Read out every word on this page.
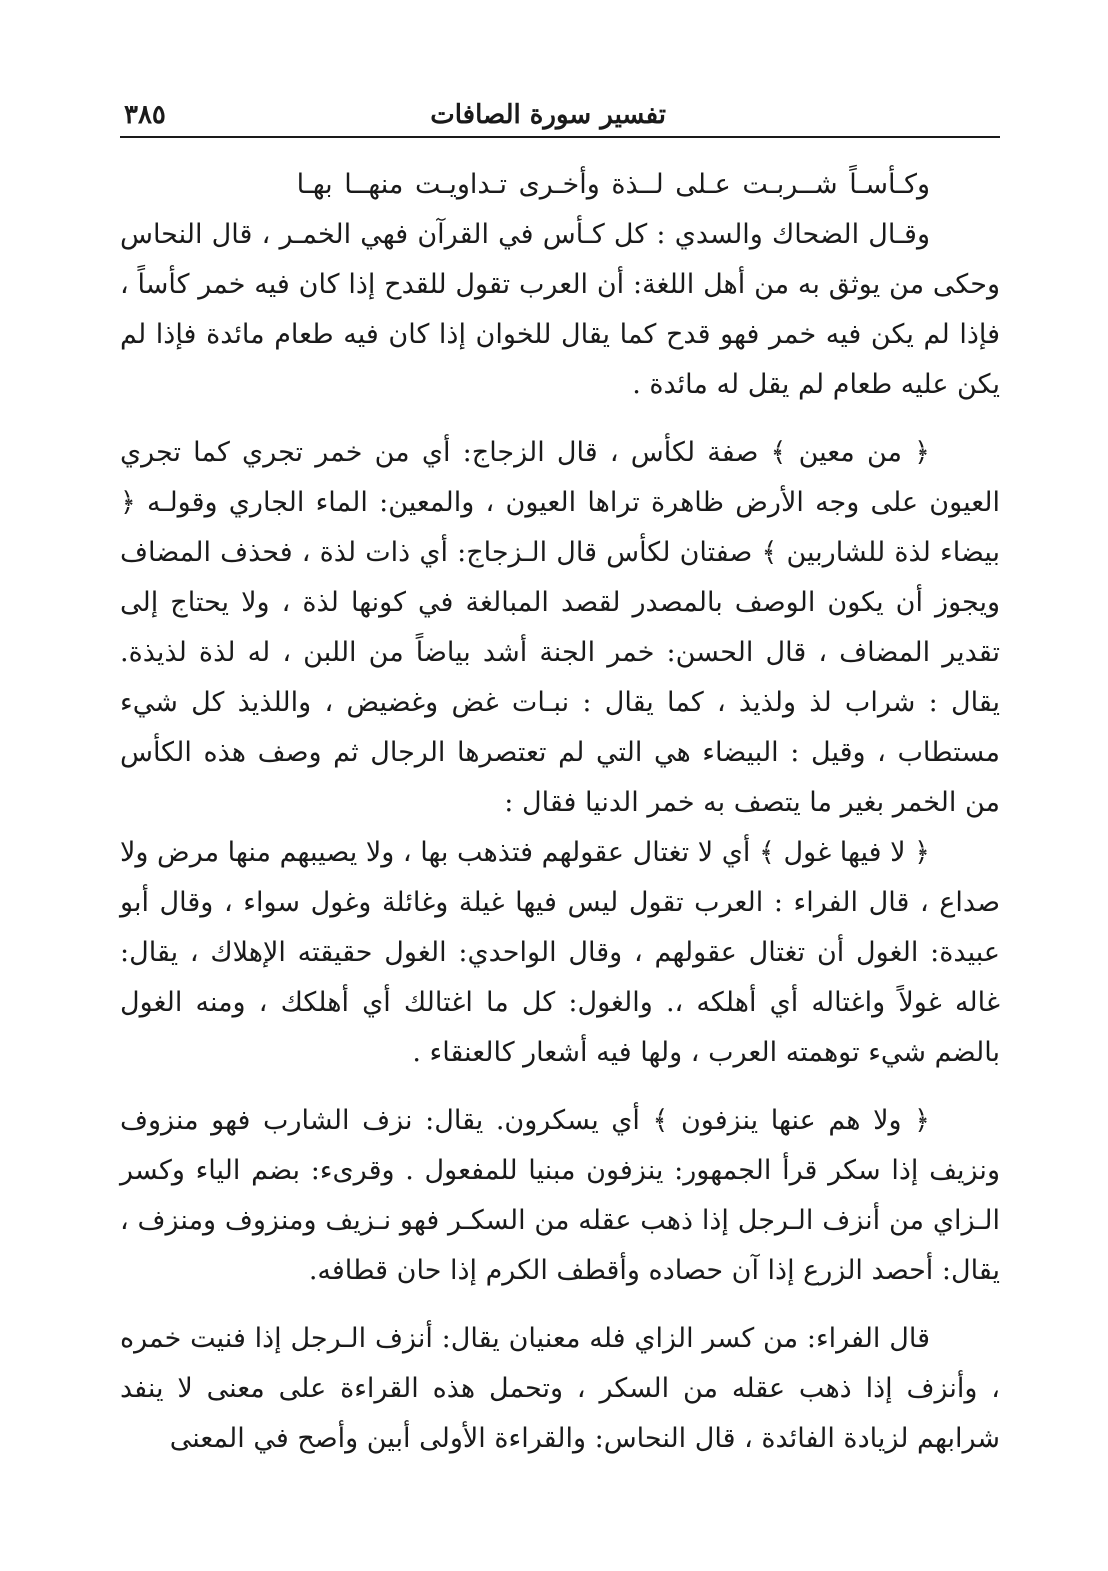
تفسير سورة الصافات
٣٨٥
وكـأسـاً شــربـت عـلى لــذة وأخـرى تـداويـت منهــا بهـا

وقـال الضحاك والسدي : كل كـأس في القرآن فهي الخمـر ، قال النحاس وحكى من يوثق به من أهل اللغة: أن العرب تقول للقدح إذا كان فيه خمر كأساً ، فإذا لم يكن فيه خمر فهو قدح كما يقال للخوان إذا كان فيه طعام مائدة فإذا لم يكن عليه طعام لم يقل له مائدة .

﴿ من معين ﴾ صفة لكأس ، قال الزجاج: أي من خمر تجري كما تجري العيون على وجه الأرض ظاهرة تراها العيون ، والمعين: الماء الجاري وقولـه ﴿ بيضاء لذة للشاربين ﴾ صفتان لكأس قال الـزجاج: أي ذات لذة ، فحذف المضاف ويجوز أن يكون الوصف بالمصدر لقصد المبالغة في كونها لذة ، ولا يحتاج إلى تقدير المضاف ، قال الحسن: خمر الجنة أشد بياضاً من اللبن ، له لذة لذيذة. يقال : شراب لذ ولذيذ ، كما يقال : نبـات غض وغضيض ، واللذيذ كل شيء مستطاب ، وقيل : البيضاء هي التي لم تعتصرها الرجال ثم وصف هذه الكأس من الخمر بغير ما يتصف به خمر الدنيا فقال :

﴿ لا فيها غول ﴾ أي لا تغتال عقولهم فتذهب بها ، ولا يصيبهم منها مرض ولا صداع ، قال الفراء : العرب تقول ليس فيها غيلة وغائلة وغول سواء ، وقال أبو عبيدة: الغول أن تغتال عقولهم ، وقال الواحدي: الغول حقيقته الإهلاك ، يقال: غاله غولاً واغتاله أي أهلكه ،. والغول: كل ما اغتالك أي أهلكك ، ومنه الغول بالضم شيء توهمته العرب ، ولها فيه أشعار كالعنقاء .

﴿ ولا هم عنها ينزفون ﴾ أي يسكرون. يقال: نزف الشارب فهو منزوف ونزيف إذا سكر قرأ الجمهور: ينزفون مبنيا للمفعول . وقرىء: بضم الياء وكسر الـزاي من أنزف الـرجل إذا ذهب عقله من السكـر فهو نـزيف ومنزوف ومنزف ، يقال: أحصد الزرع إذا آن حصاده وأقطف الكرم إذا حان قطافه.

قال الفراء: من كسر الزاي فله معنيان يقال: أنزف الـرجل إذا فنيت خمره ، وأنزف إذا ذهب عقله من السكر ، وتحمل هذه القراءة على معنى لا ينفد شرابهم لزيادة الفائدة ، قال النحاس: والقراءة الأولى أبين وأصح في المعنى
